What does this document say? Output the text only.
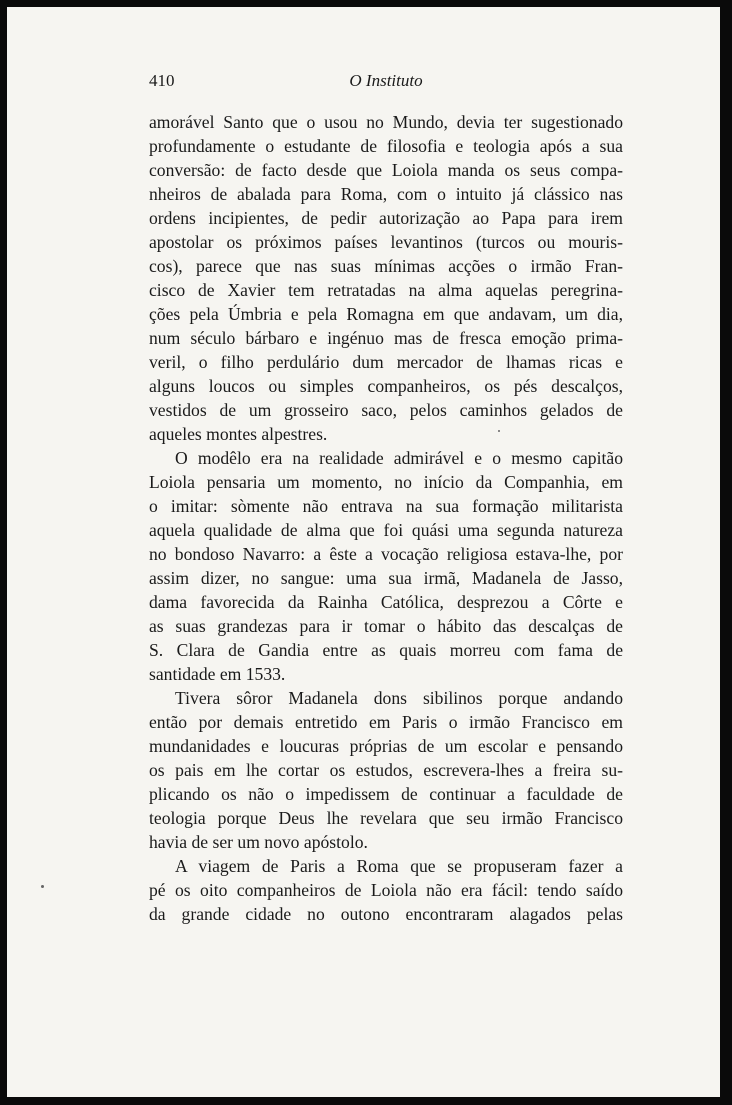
410	O Instituto
amorável Santo que o usou no Mundo, devia ter sugestionado
profundamente o estudante de filosofia e teologia após a sua
conversão: de facto desde que Loiola manda os seus compa-
nheiros de abalada para Roma, com o intuito já clássico nas
ordens incipientes, de pedir autorização ao Papa para irem
apostolar os próximos países levantinos (turcos ou mouris-
cos), parece que nas suas mínimas acções o irmão Fran-
cisco de Xavier tem retratadas na alma aquelas peregrina-
ções pela Úmbria e pela Romagna em que andavam, um dia,
num século bárbaro e ingénuo mas de fresca emoção prima-
veril, o filho perdulário dum mercador de lhamas ricas e
alguns loucos ou simples companheiros, os pés descalços,
vestidos de um grosseiro saco, pelos caminhos gelados de
aqueles montes alpestres.
O modêlo era na realidade admirável e o mesmo capitão
Loiola pensaria um momento, no início da Companhia, em
o imitar: sòmente não entrava na sua formação militarista
aquela qualidade de alma que foi quási uma segunda natureza
no bondoso Navarro: a êste a vocação religiosa estava-lhe, por
assim dizer, no sangue: uma sua irmã, Madanela de Jasso,
dama favorecida da Rainha Católica, desprezou a Côrte e
as suas grandezas para ir tomar o hábito das descalças de
S. Clara de Gandia entre as quais morreu com fama de
santidade em 1533.
Tivera sôror Madanela dons sibilinos porque andando
então por demais entretido em Paris o irmão Francisco em
mundanidades e loucuras próprias de um escolar e pensando
os pais em lhe cortar os estudos, escrevera-lhes a freira su-
plicando os não o impedissem de continuar a faculdade de
teologia porque Deus lhe revelara que seu irmão Francisco
havia de ser um novo apóstolo.
A viagem de Paris a Roma que se propuseram fazer a
pé os oito companheiros de Loiola não era fácil: tendo saído
da grande cidade no outono encontraram alagados pelas
